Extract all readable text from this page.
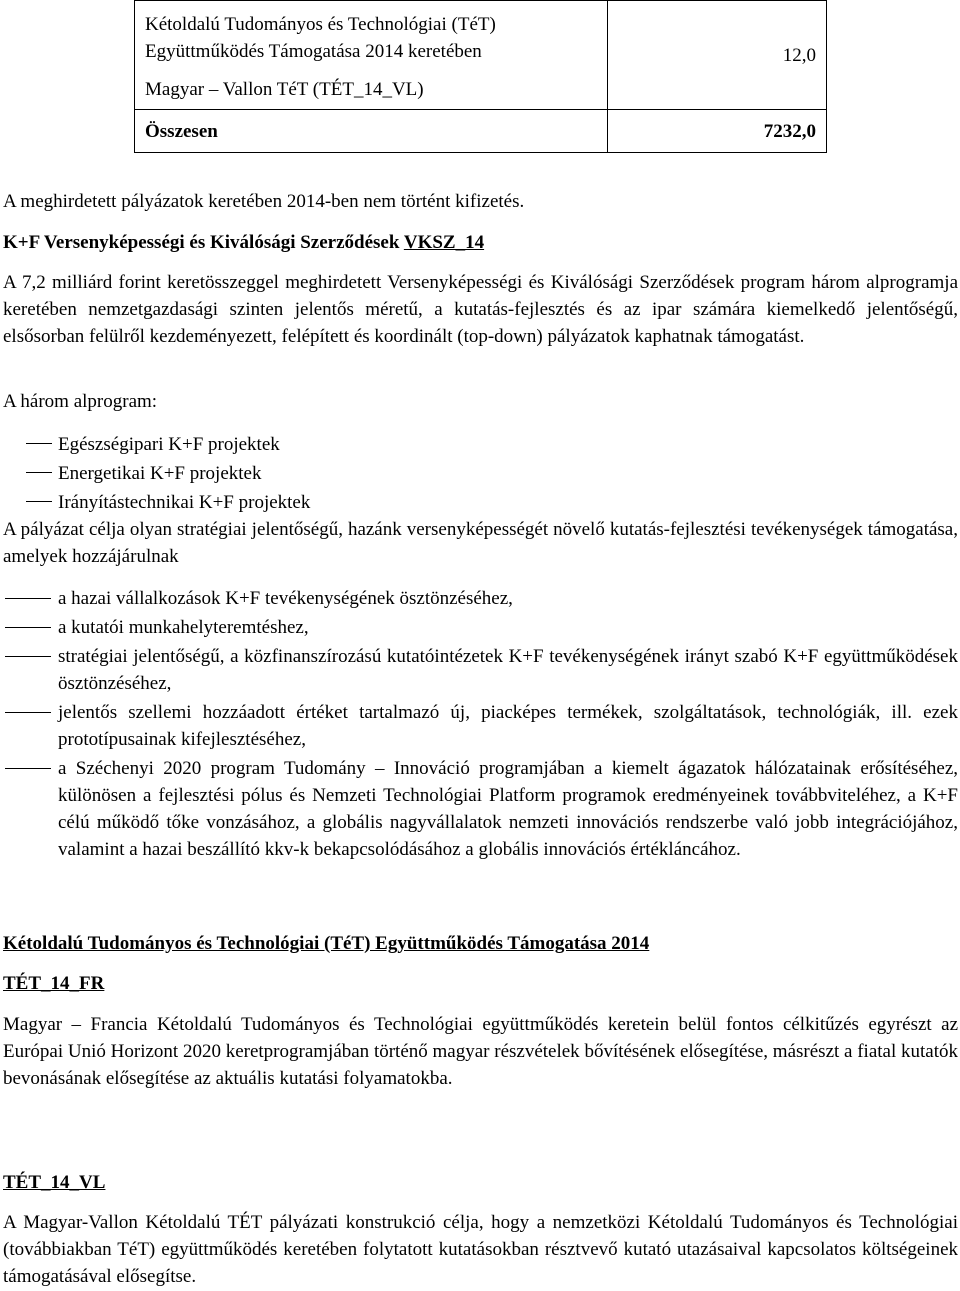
Kétoldalú Tudományos és Technológiai (TéT)
Együttműködés Támogatása 2014 keretében
Magyar – Vallon TéT (TÉT_14_VL)	12,0
Összesen	7232,0
A meghirdetett pályázatok keretében 2014-ben nem történt kifizetés.
K+F Versenyképességi és Kiválósági Szerződések VKSZ_14
A 7,2 milliárd forint keretösszeggel meghirdetett Versenyképességi és Kiválósági Szerződések program három alprogramja keretében nemzetgazdasági szinten jelentős méretű, a kutatás-fejlesztés és az ipar számára kiemelkedő jelentőségű, elsősorban felülről kezdeményezett, felépített és koordinált (top-down) pályázatok kaphatnak támogatást.
A három alprogram:
Egészségipari K+F projektek
Energetikai K+F projektek
Irányítástechnikai K+F projektek
A pályázat célja olyan stratégiai jelentőségű, hazánk versenyképességét növelő kutatás-fejlesztési tevékenységek támogatása, amelyek hozzájárulnak
a hazai vállalkozások K+F tevékenységének ösztönzéséhez,
a kutatói munkahelyteremtéshez,
stratégiai jelentőségű, a közfinanszírozású kutatóintézetek K+F tevékenységének irányt szabó K+F együttműködések ösztönzéséhez,
jelentős szellemi hozzáadott értéket tartalmazó új, piacképes termékek, szolgáltatások, technológiák, ill. ezek prototípusainak kifejlesztéséhez,
a Széchenyi 2020 program Tudomány – Innováció programjában a kiemelt ágazatok hálózatainak erősítéséhez, különösen a fejlesztési pólus és Nemzeti Technológiai Platform programok eredményeinek továbbviteléhez, a K+F célú működő tőke vonzásához, a globális nagyvállalatok nemzeti innovációs rendszerbe való jobb integrációjához, valamint a hazai beszállító kkv-k bekapcsolódásához a globális innovációs értékláncához.
Kétoldalú Tudományos és Technológiai (TéT) Együttműködés Támogatása 2014
TÉT_14_FR
Magyar – Francia Kétoldalú Tudományos és Technológiai együttműködés keretein belül fontos célkitűzés egyrészt az Európai Unió Horizont 2020 keretprogramjában történő magyar részvételek bővítésének elősegítése, másrészt a fiatal kutatók bevonásának elősegítése az aktuális kutatási folyamatokba.
TÉT_14_VL
A Magyar-Vallon Kétoldalú TÉT pályázati konstrukció célja, hogy a nemzetközi Kétoldalú Tudományos és Technológiai (továbbiakban TéT) együttműködés keretében folytatott kutatásokban résztvevő kutató utazásaival kapcsolatos költségeinek támogatásával elősegítse.
